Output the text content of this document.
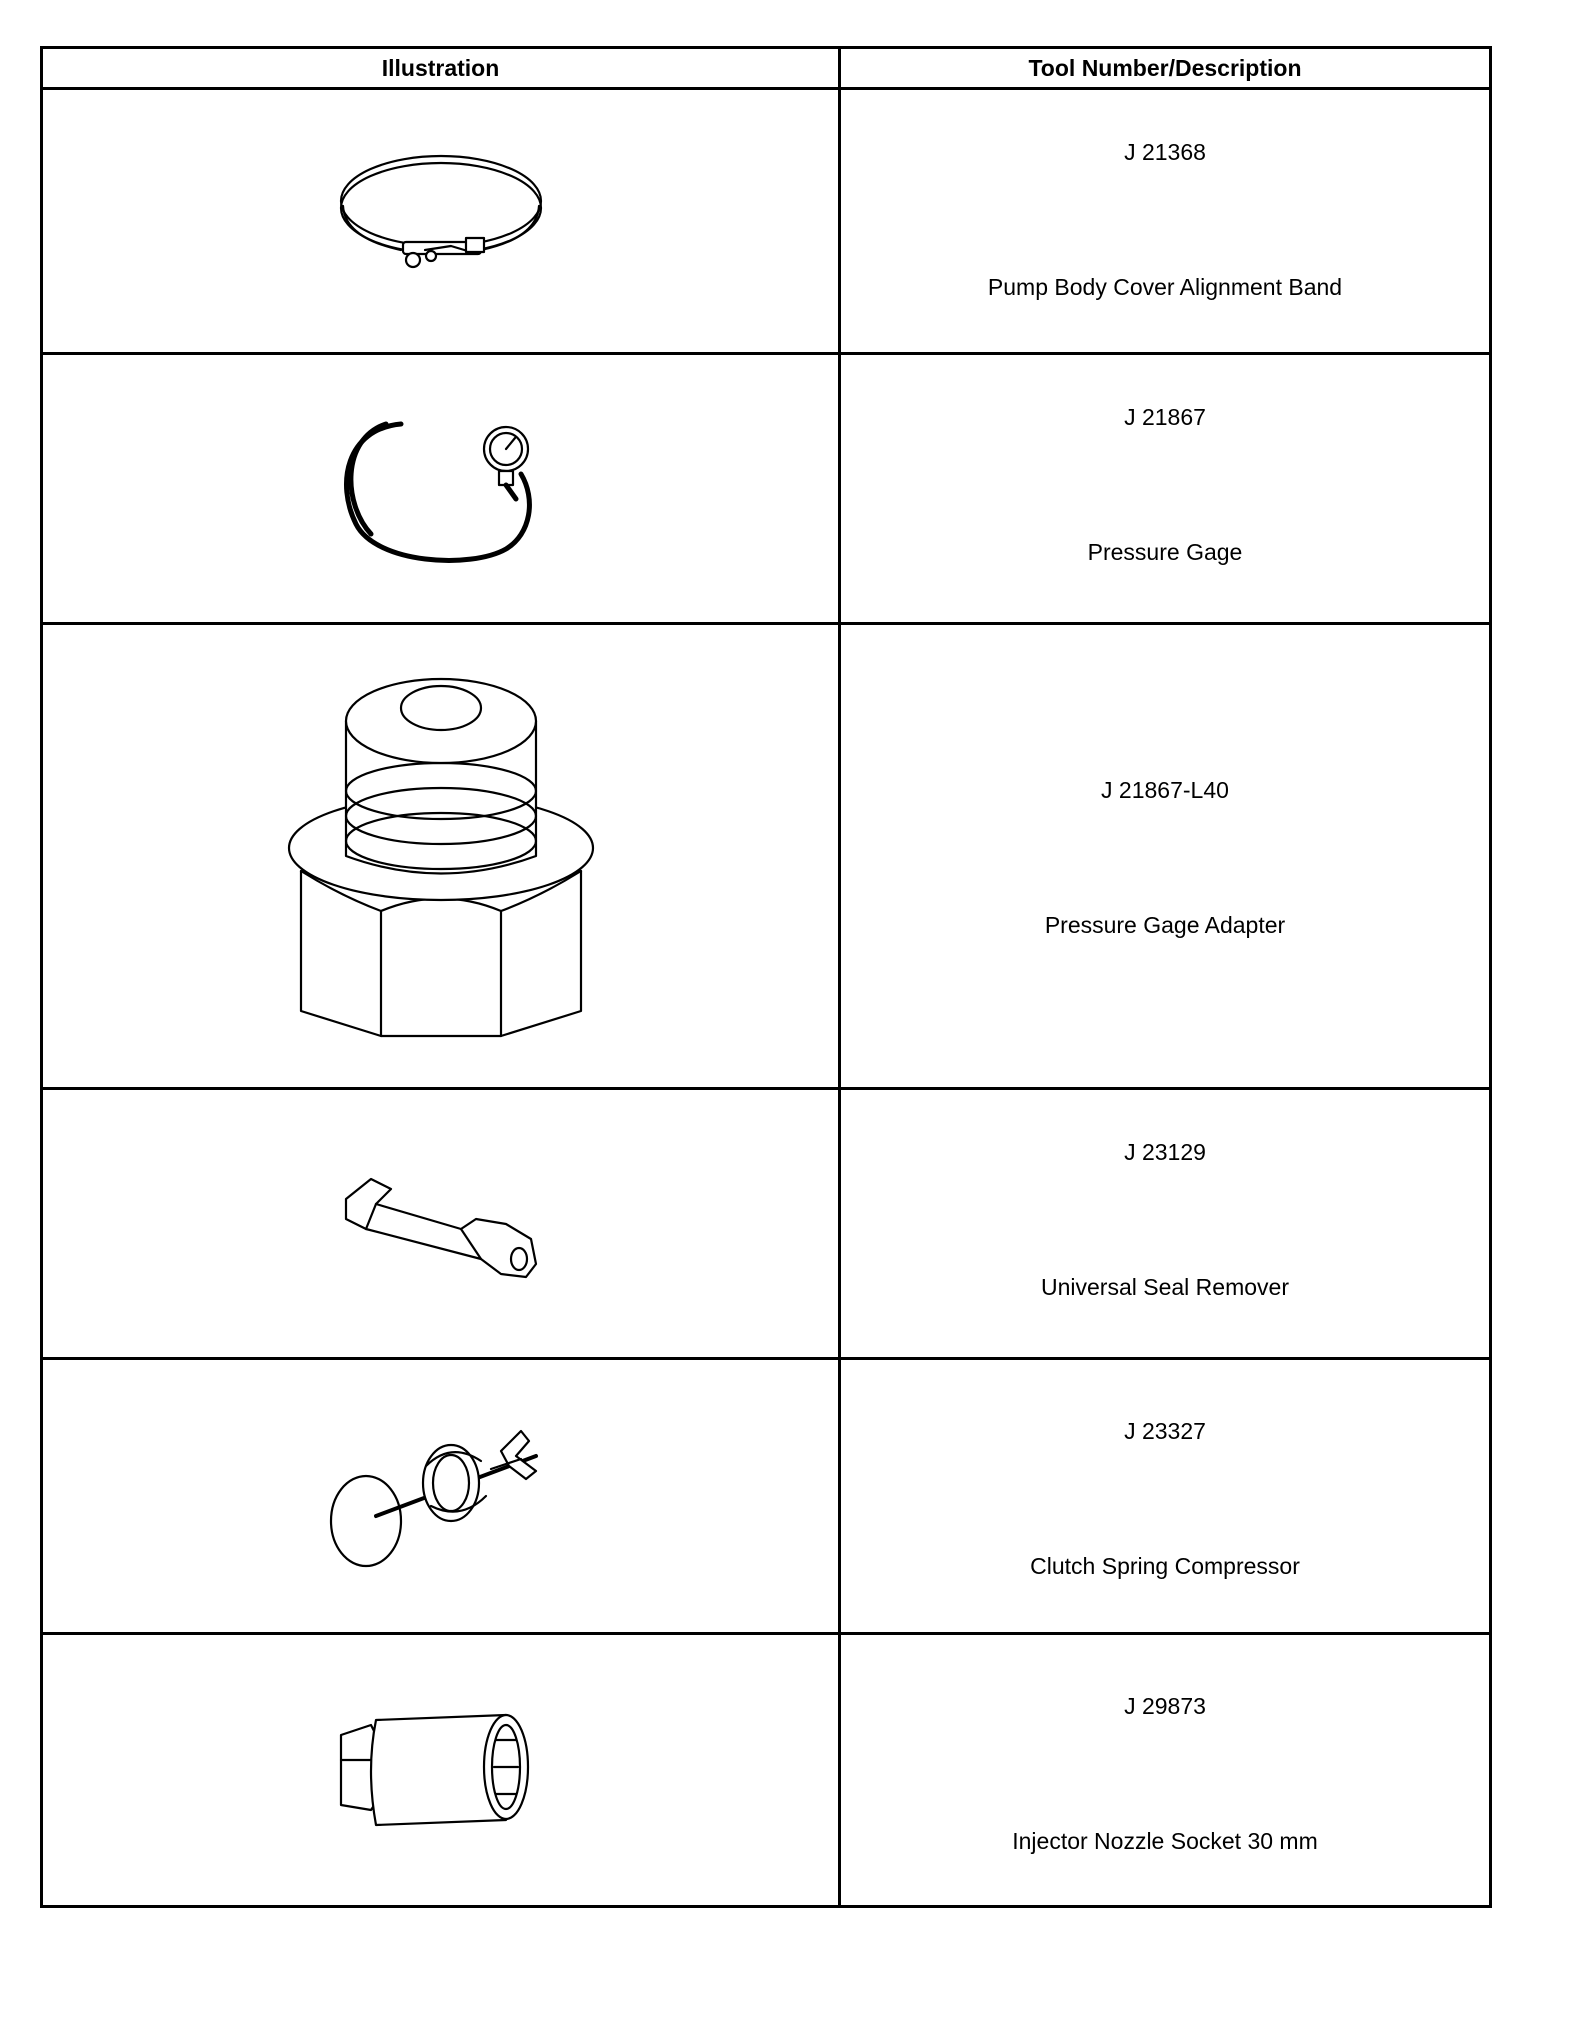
Illustration	Tool Number/Description

J 21368
Pump Body Cover Alignment Band

J 21867
Pressure Gage

J 21867-L40
Pressure Gage Adapter

J 23129
Universal Seal Remover

J 23327
Clutch Spring Compressor

J 29873
Injector Nozzle Socket 30 mm
